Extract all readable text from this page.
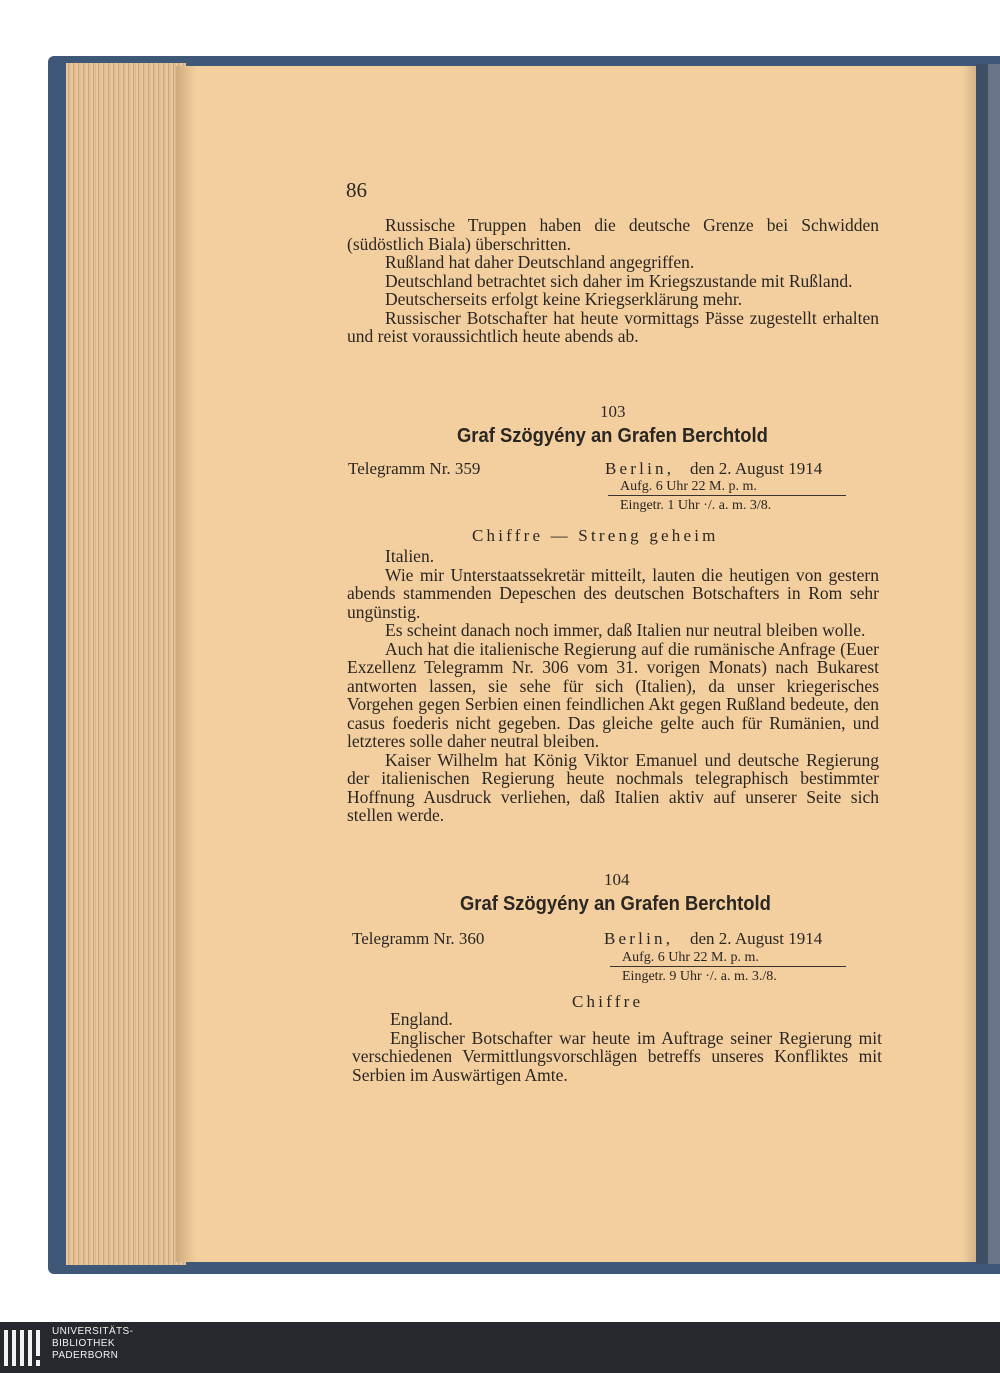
86

Russische Truppen haben die deutsche Grenze bei Schwidden (südöstlich Biala) überschritten.

Rußland hat daher Deutschland angegriffen.

Deutschland betrachtet sich daher im Kriegszustande mit Rußland.

Deutscherseits erfolgt keine Kriegserklärung mehr.

Russischer Botschafter hat heute vormittags Pässe zugestellt erhalten und reist voraussichtlich heute abends ab.

103
Graf Szögyény an Grafen Berchtold
Telegramm Nr. 359	Berlin, den 2. August 1914
Aufg. 6 Uhr 22 M. p. m.
Eingetr. 1 Uhr ·/. a. m. 3/8.
Chiffre — Streng geheim

Italien.

Wie mir Unterstaatssekretär mitteilt, lauten die heutigen von gestern abends stammenden Depeschen des deutschen Botschafters in Rom sehr ungünstig.

Es scheint danach noch immer, daß Italien nur neutral bleiben wolle.

Auch hat die italienische Regierung auf die rumänische Anfrage (Euer Exzellenz Telegramm Nr. 306 vom 31. vorigen Monats) nach Bukarest antworten lassen, sie sehe für sich (Italien), da unser kriegerisches Vorgehen gegen Serbien einen feindlichen Akt gegen Rußland bedeute, den casus foederis nicht gegeben. Das gleiche gelte auch für Rumänien, und letzteres solle daher neutral bleiben.

Kaiser Wilhelm hat König Viktor Emanuel und deutsche Regierung der italienischen Regierung heute nochmals telegraphisch bestimmter Hoffnung Ausdruck verliehen, daß Italien aktiv auf unserer Seite sich stellen werde.

104
Graf Szögyény an Grafen Berchtold
Telegramm Nr. 360	Berlin, den 2. August 1914
Aufg. 6 Uhr 22 M. p. m.
Eingetr. 9 Uhr ·/. a. m. 3./8.
Chiffre

England.

Englischer Botschafter war heute im Auftrage seiner Regierung mit verschiedenen Vermittlungsvorschlägen betreffs unseres Konfliktes mit Serbien im Auswärtigen Amte.

UNIVERSITÄTS-
BIBLIOTHEK
PADERBORN
